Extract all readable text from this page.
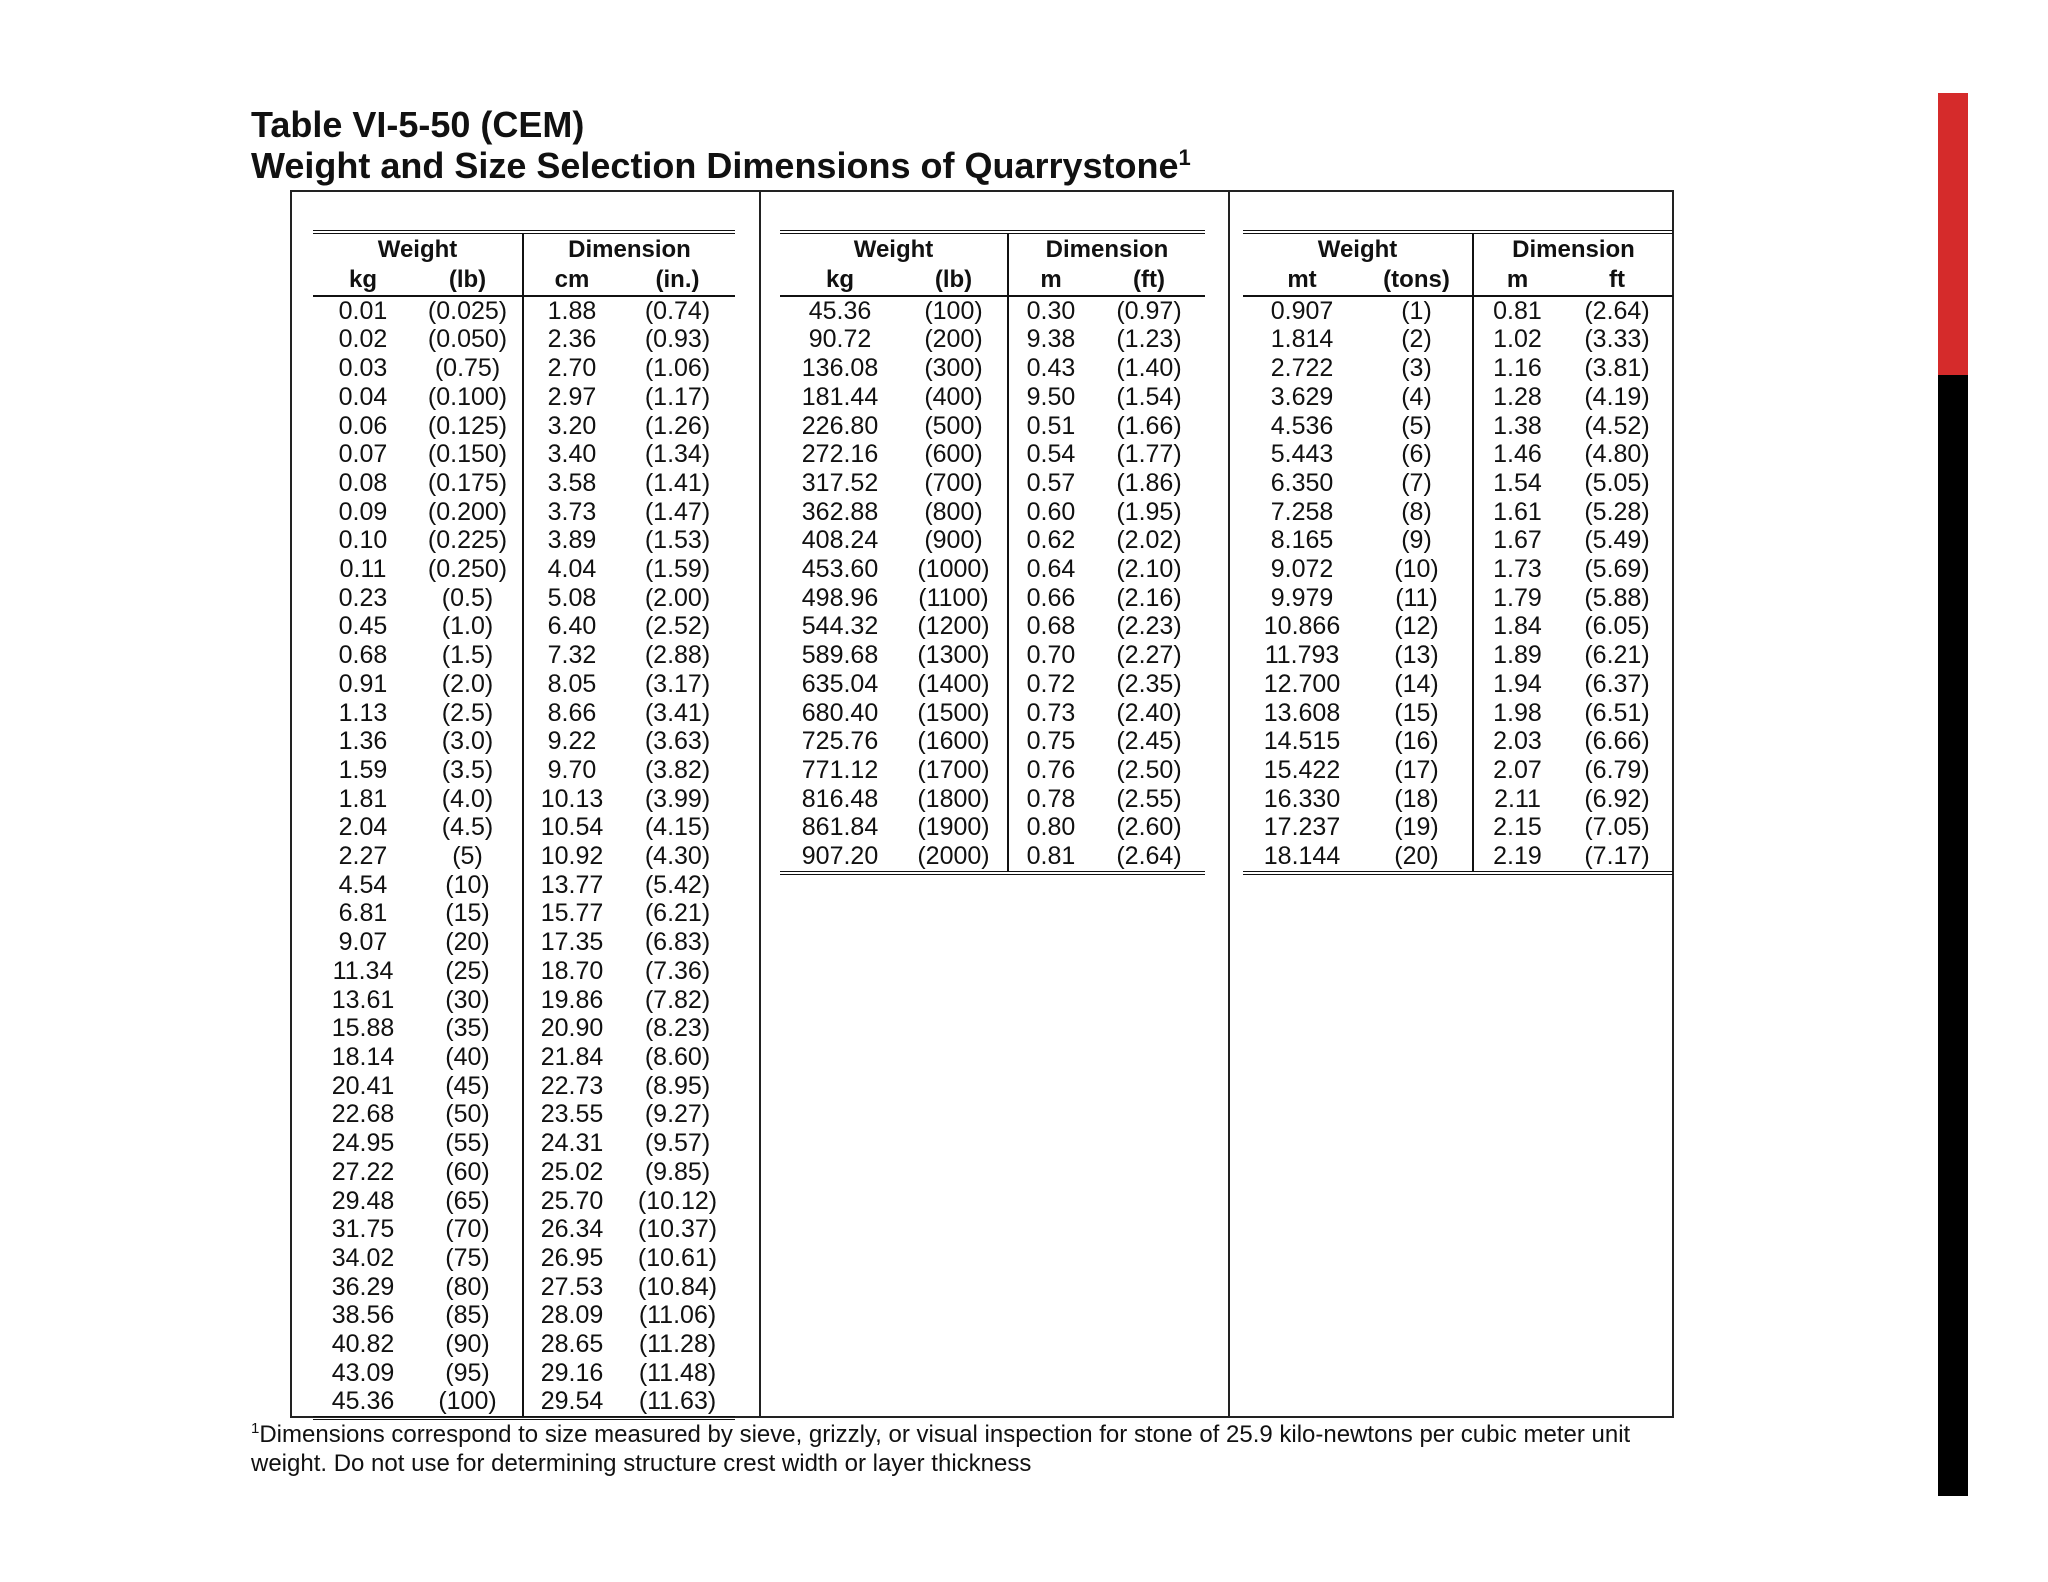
Table VI-5-50 (CEM)
Weight and Size Selection Dimensions of Quarrystone$^1$
Weight		Dimension	
kg	(lb)	cm	(in.)
0.01	(0.025)	1.88	(0.74)
0.02	(0.050)	2.36	(0.93)
0.03	(0.75)	2.70	(1.06)
0.04	(0.100)	2.97	(1.17)
0.06	(0.125)	3.20	(1.26)
0.07	(0.150)	3.40	(1.34)
0.08	(0.175)	3.58	(1.41)
0.09	(0.200)	3.73	(1.47)
0.10	(0.225)	3.89	(1.53)
0.11	(0.250)	4.04	(1.59)
0.23	(0.5)	5.08	(2.00)
0.45	(1.0)	6.40	(2.52)
0.68	(1.5)	7.32	(2.88)
0.91	(2.0)	8.05	(3.17)
1.13	(2.5)	8.66	(3.41)
1.36	(3.0)	9.22	(3.63)
1.59	(3.5)	9.70	(3.82)
1.81	(4.0)	10.13	(3.99)
2.04	(4.5)	10.54	(4.15)
2.27	(5)	10.92	(4.30)
4.54	(10)	13.77	(5.42)
6.81	(15)	15.77	(6.21)
9.07	(20)	17.35	(6.83)
11.34	(25)	18.70	(7.36)
13.61	(30)	19.86	(7.82)
15.88	(35)	20.90	(8.23)
18.14	(40)	21.84	(8.60)
20.41	(45)	22.73	(8.95)
22.68	(50)	23.55	(9.27)
24.95	(55)	24.31	(9.57)
27.22	(60)	25.02	(9.85)
29.48	(65)	25.70	(10.12)
31.75	(70)	26.34	(10.37)
34.02	(75)	26.95	(10.61)
36.29	(80)	27.53	(10.84)
38.56	(85)	28.09	(11.06)
40.82	(90)	28.65	(11.28)
43.09	(95)	29.16	(11.48)
45.36	(100)	29.54	(11.63)
Weight		Dimension	
kg	(lb)	m	(ft)
45.36	(100)	0.30	(0.97)
90.72	(200)	9.38	(1.23)
136.08	(300)	0.43	(1.40)
181.44	(400)	9.50	(1.54)
226.80	(500)	0.51	(1.66)
272.16	(600)	0.54	(1.77)
317.52	(700)	0.57	(1.86)
362.88	(800)	0.60	(1.95)
408.24	(900)	0.62	(2.02)
453.60	(1000)	0.64	(2.10)
498.96	(1100)	0.66	(2.16)
544.32	(1200)	0.68	(2.23)
589.68	(1300)	0.70	(2.27)
635.04	(1400)	0.72	(2.35)
680.40	(1500)	0.73	(2.40)
725.76	(1600)	0.75	(2.45)
771.12	(1700)	0.76	(2.50)
816.48	(1800)	0.78	(2.55)
861.84	(1900)	0.80	(2.60)
907.20	(2000)	0.81	(2.64)
Weight		Dimension	
mt	(tons)	m	ft
0.907	(1)	0.81	(2.64)
1.814	(2)	1.02	(3.33)
2.722	(3)	1.16	(3.81)
3.629	(4)	1.28	(4.19)
4.536	(5)	1.38	(4.52)
5.443	(6)	1.46	(4.80)
6.350	(7)	1.54	(5.05)
7.258	(8)	1.61	(5.28)
8.165	(9)	1.67	(5.49)
9.072	(10)	1.73	(5.69)
9.979	(11)	1.79	(5.88)
10.866	(12)	1.84	(6.05)
11.793	(13)	1.89	(6.21)
12.700	(14)	1.94	(6.37)
13.608	(15)	1.98	(6.51)
14.515	(16)	2.03	(6.66)
15.422	(17)	2.07	(6.79)
16.330	(18)	2.11	(6.92)
17.237	(19)	2.15	(7.05)
18.144	(20)	2.19	(7.17)
$^1$Dimensions correspond to size measured by sieve, grizzly, or visual inspection for stone of 25.9 kilo-newtons per cubic meter unit weight. Do not use for determining structure crest width or layer thickness
